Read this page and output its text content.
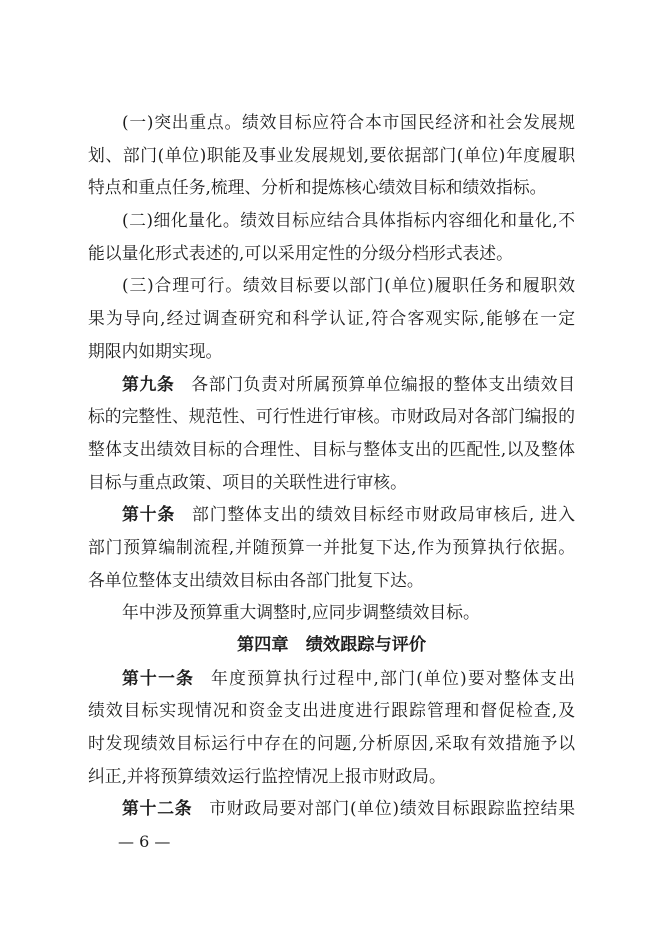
(一)突出重点。绩效目标应符合本市国民经济和社会发展规
划、部门(单位)职能及事业发展规划,要依据部门(单位)年度履职
特点和重点任务,梳理、分析和提炼核心绩效目标和绩效指标。
(二)细化量化。绩效目标应结合具体指标内容细化和量化,不
能以量化形式表述的,可以采用定性的分级分档形式表述。
(三)合理可行。绩效目标要以部门(单位)履职任务和履职效
果为导向,经过调查研究和科学认证,符合客观实际,能够在一定
期限内如期实现。
第九条 各部门负责对所属预算单位编报的整体支出绩效目
标的完整性、规范性、可行性进行审核。市财政局对各部门编报的
整体支出绩效目标的合理性、目标与整体支出的匹配性,以及整体
目标与重点政策、项目的关联性进行审核。
第十条 部门整体支出的绩效目标经市财政局审核后, 进入
部门预算编制流程,并随预算一并批复下达,作为预算执行依据。
各单位整体支出绩效目标由各部门批复下达。
年中涉及预算重大调整时,应同步调整绩效目标。
第四章 绩效跟踪与评价
第十一条 年度预算执行过程中,部门(单位)要对整体支出
绩效目标实现情况和资金支出进度进行跟踪管理和督促检查,及
时发现绩效目标运行中存在的问题,分析原因,采取有效措施予以
纠正,并将预算绩效运行监控情况上报市财政局。
第十二条 市财政局要对部门(单位)绩效目标跟踪监控结果
— 6 —
